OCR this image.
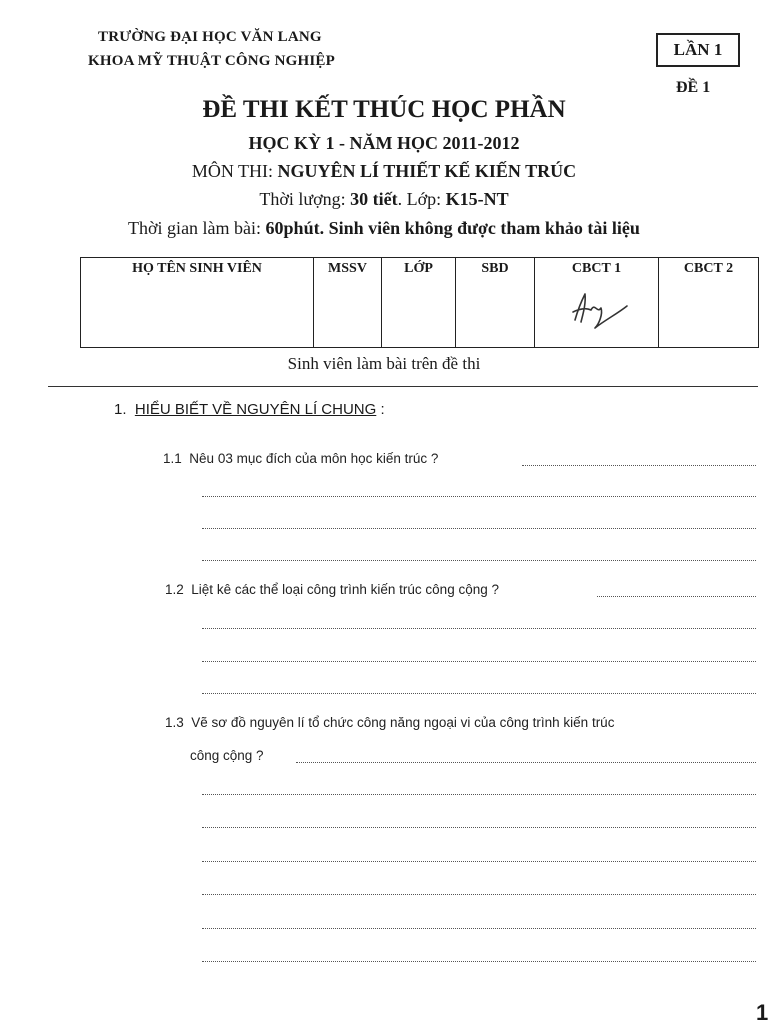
TRƯỜNG ĐẠI HỌC VĂN LANG
KHOA MỸ THUẬT CÔNG NGHIỆP
LẦN 1
ĐỀ 1
ĐỀ THI KẾT THÚC HỌC PHẦN
HỌC KỲ 1 - NĂM HỌC 2011-2012
MÔN THI: NGUYÊN LÍ THIẾT KẾ KIẾN TRÚC
Thời lượng: 30 tiết. Lớp: K15-NT
Thời gian làm bài: 60phút. Sinh viên không được tham khảo tài liệu
HỌ TÊN SINH VIÊN	MSSV	LỚP	SBD	CBCT 1	CBCT 2
Sinh viên làm bài trên đề thi
1. HIỂU BIẾT VỀ NGUYÊN LÍ CHUNG :
1.1 Nêu 03 mục đích của môn học kiến trúc ?
1.2 Liệt kê các thể loại công trình kiến trúc công cộng ?
1.3 Vẽ sơ đồ nguyên lí tổ chức công năng ngoại vi của công trình kiến trúc
công cộng ?
1
